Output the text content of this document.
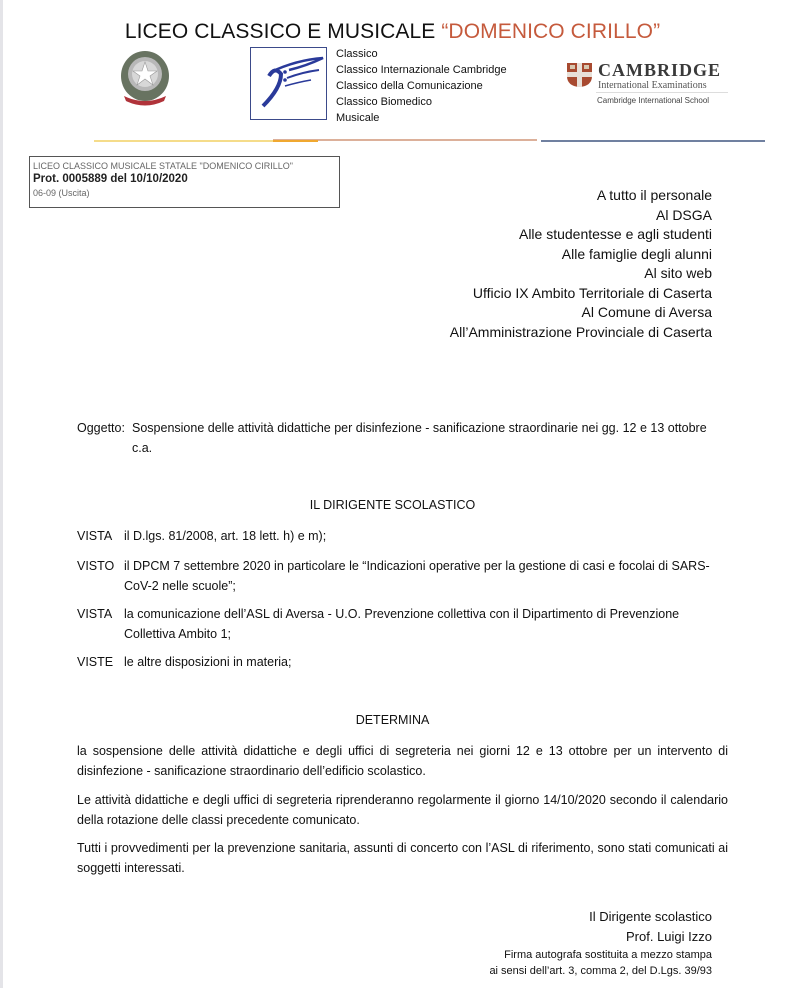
LICEO CLASSICO E MUSICALE “DOMENICO CIRILLO”
Classico
Classico Internazionale Cambridge
Classico della Comunicazione
Classico Biomedico
Musicale
CAMBRIDGE
International Examinations
Cambridge International School
LICEO CLASSICO MUSICALE STATALE "DOMENICO CIRILLO"
Prot. 0005889 del 10/10/2020
06-09 (Uscita)	A tutto il personale
Al DSGA
Alle studentesse e agli studenti
Alle famiglie degli alunni
Al sito web
Ufficio IX Ambito Territoriale di Caserta
Al Comune di Aversa
All’Amministrazione Provinciale di Caserta
Oggetto: Sospensione delle attività didattiche per disinfezione - sanificazione straordinarie nei gg. 12 e 13 ottobre c.a.
IL DIRIGENTE SCOLASTICO
VISTA il D.lgs. 81/2008, art. 18 lett. h) e m);
VISTO il DPCM 7 settembre 2020 in particolare le “Indicazioni operative per la gestione di casi e focolai di SARS-CoV-2 nelle scuole”;
VISTA la comunicazione dell’ASL di Aversa - U.O. Prevenzione collettiva con il Dipartimento di Prevenzione Collettiva Ambito 1;
VISTE le altre disposizioni in materia;
DETERMINA
la sospensione delle attività didattiche e degli uffici di segreteria nei giorni 12 e 13 ottobre per un intervento di disinfezione - sanificazione straordinario dell’edificio scolastico.
Le attività didattiche e degli uffici di segreteria riprenderanno regolarmente il giorno 14/10/2020 secondo il calendario della rotazione delle classi precedente comunicato.
Tutti i provvedimenti per la prevenzione sanitaria, assunti di concerto con l’ASL di riferimento, sono stati comunicati ai soggetti interessati.
Il Dirigente scolastico
Prof. Luigi Izzo
Firma autografa sostituita a mezzo stampa
ai sensi dell’art. 3, comma 2, del D.Lgs. 39/93
